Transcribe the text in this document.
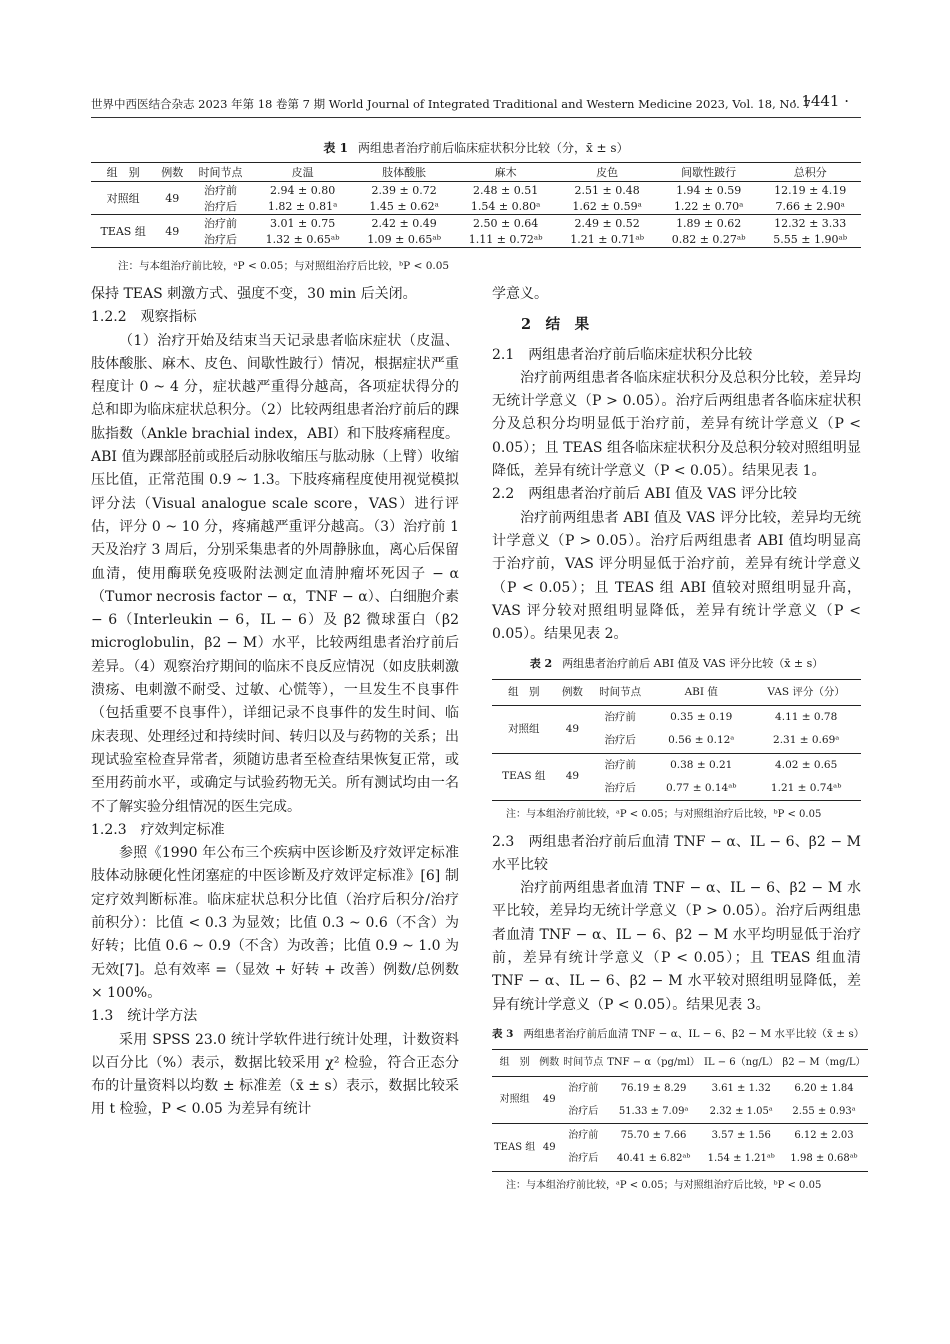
世界中西医结合杂志 2023 年第 18 卷第 7 期 World Journal of Integrated Traditional and Western Medicine 2023, Vol. 18, No. 7
· 1441 ·
表 1 两组患者治疗前后临床症状积分比较（分，x̄ ± s）
组　别	例数	时间节点	皮温	肢体酸胀	麻木	皮色	间歇性跛行	总积分
对照组	49	治疗前	2.94 ± 0.80	2.39 ± 0.72	2.48 ± 0.51	2.51 ± 0.48	1.94 ± 0.59	12.19 ± 4.19
		治疗后	1.82 ± 0.81ᵃ	1.45 ± 0.62ᵃ	1.54 ± 0.80ᵃ	1.62 ± 0.59ᵃ	1.22 ± 0.70ᵃ	7.66 ± 2.90ᵃ
TEAS 组	49	治疗前	3.01 ± 0.75	2.42 ± 0.49	2.50 ± 0.64	2.49 ± 0.52	1.89 ± 0.62	12.32 ± 3.33
		治疗后	1.32 ± 0.65ᵃᵇ	1.09 ± 0.65ᵃᵇ	1.11 ± 0.72ᵃᵇ	1.21 ± 0.71ᵃᵇ	0.82 ± 0.27ᵃᵇ	5.55 ± 1.90ᵃᵇ
注：与本组治疗前比较，ᵃP < 0.05；与对照组治疗后比较，ᵇP < 0.05

保持 TEAS 刺激方式、强度不变，30 min 后关闭。

1.2.2　观察指标

（1）治疗开始及结束当天记录患者临床症状（皮温、肢体酸胀、麻木、皮色、间歇性跛行）情况，根据症状严重程度计 0 ~ 4 分，症状越严重得分越高，各项症状得分的总和即为临床症状总积分。（2）比较两组患者治疗前后的踝肱指数（Ankle brachial index，ABI）和下肢疼痛程度。ABI 值为踝部胫前或胫后动脉收缩压与肱动脉（上臂）收缩压比值，正常范围 0.9 ~ 1.3。下肢疼痛程度使用视觉模拟评分法（Visual analogue scale score，VAS）进行评估，评分 0 ~ 10 分，疼痛越严重评分越高。（3）治疗前 1 天及治疗 3 周后，分别采集患者的外周静脉血，离心后保留血清，使用酶联免疫吸附法测定血清肿瘤坏死因子 − α（Tumor necrosis factor − α，TNF − α）、白细胞介素 − 6（Interleukin − 6，IL − 6）及 β2 微球蛋白（β2 microglobulin，β2 − M）水平，比较两组患者治疗前后差异。（4）观察治疗期间的临床不良反应情况（如皮肤刺激溃疡、电刺激不耐受、过敏、心慌等），一旦发生不良事件（包括重要不良事件），详细记录不良事件的发生时间、临床表现、处理经过和持续时间、转归以及与药物的关系；出现试验室检查异常者，须随访患者至检查结果恢复正常，或至用药前水平，或确定与试验药物无关。所有测试均由一名不了解实验分组情况的医生完成。

1.2.3　疗效判定标准

参照《1990 年公布三个疾病中医诊断及疗效评定标准肢体动脉硬化性闭塞症的中医诊断及疗效评定标准》[6] 制定疗效判断标准。临床症状总积分比值（治疗后积分/治疗前积分）：比值 < 0.3 为显效；比值 0.3 ~ 0.6（不含）为好转；比值 0.6 ~ 0.9（不含）为改善；比值 0.9 ~ 1.0 为无效[7]。总有效率 =（显效 + 好转 + 改善）例数/总例数 × 100%。

1.3　统计学方法

采用 SPSS 23.0 统计学软件进行统计处理，计数资料以百分比（%）表示，数据比较采用 χ² 检验，符合正态分布的计量资料以均数 ± 标准差（x̄ ± s）表示，数据比较采用 t 检验，P < 0.05 为差异有统计

学意义。

2　结　果

2.1　两组患者治疗前后临床症状积分比较

治疗前两组患者各临床症状积分及总积分比较，差异均无统计学意义（P > 0.05）。治疗后两组患者各临床症状积分及总积分均明显低于治疗前，差异有统计学意义（P < 0.05）；且 TEAS 组各临床症状积分及总积分较对照组明显降低，差异有统计学意义（P < 0.05）。结果见表 1。

2.2　两组患者治疗前后 ABI 值及 VAS 评分比较

治疗前两组患者 ABI 值及 VAS 评分比较，差异均无统计学意义（P > 0.05）。治疗后两组患者 ABI 值均明显高于治疗前，VAS 评分明显低于治疗前，差异有统计学意义（P < 0.05）；且 TEAS 组 ABI 值较对照组明显升高，VAS 评分较对照组明显降低，差异有统计学意义（P < 0.05）。结果见表 2。

表 2 两组患者治疗前后 ABI 值及 VAS 评分比较（x̄ ± s）
组　别	例数	时间节点	ABI 值	VAS 评分（分）
对照组	49	治疗前	0.35 ± 0.19	4.11 ± 0.78
		治疗后	0.56 ± 0.12ᵃ	2.31 ± 0.69ᵃ
TEAS 组	49	治疗前	0.38 ± 0.21	4.02 ± 0.65
		治疗后	0.77 ± 0.14ᵃᵇ	1.21 ± 0.74ᵃᵇ
注：与本组治疗前比较，ᵃP < 0.05；与对照组治疗后比较，ᵇP < 0.05

2.3　两组患者治疗前后血清 TNF − α、IL − 6、β2 − M 水平比较

治疗前两组患者血清 TNF − α、IL − 6、β2 − M 水平比较，差异均无统计学意义（P > 0.05）。治疗后两组患者血清 TNF − α、IL − 6、β2 − M 水平均明显低于治疗前，差异有统计学意义（P < 0.05）；且 TEAS 组血清 TNF − α、IL − 6、β2 − M 水平较对照组明显降低，差异有统计学意义（P < 0.05）。结果见表 3。

表 3 两组患者治疗前后血清 TNF − α、IL − 6、β2 − M 水平比较（x̄ ± s）
组　别	例数	时间节点	TNF − α（pg/ml）	IL − 6（ng/L）	β2 − M（mg/L）
对照组	49	治疗前	76.19 ± 8.29	3.61 ± 1.32	6.20 ± 1.84
		治疗后	51.33 ± 7.09ᵃ	2.32 ± 1.05ᵃ	2.55 ± 0.93ᵃ
TEAS 组	49	治疗前	75.70 ± 7.66	3.57 ± 1.56	6.12 ± 2.03
		治疗后	40.41 ± 6.82ᵃᵇ	1.54 ± 1.21ᵃᵇ	1.98 ± 0.68ᵃᵇ
注：与本组治疗前比较，ᵃP < 0.05；与对照组治疗后比较，ᵇP < 0.05
